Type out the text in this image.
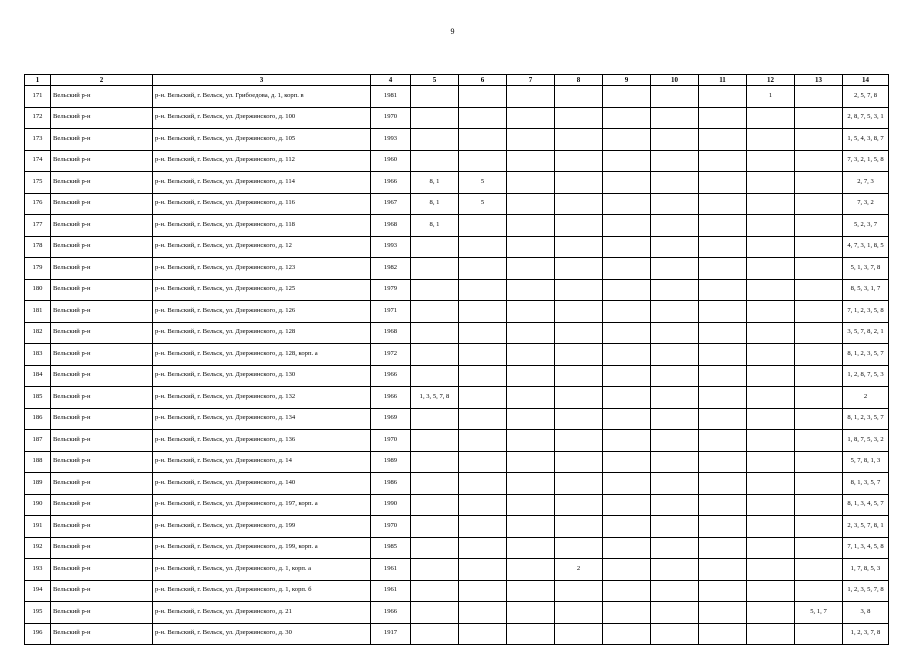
9
1	2	3	4	5	6	7	8	9	10	11	12	13	14
171	Вельский р-н	р-н. Вельский, г. Вельск, ул. Грибоедова, д. 1, корп. в	1981								1		2, 5, 7, 8
172	Вельский р-н	р-н. Вельский, г. Вельск, ул. Дзержинского, д. 100	1970										2, 8, 7, 5, 3, 1
173	Вельский р-н	р-н. Вельский, г. Вельск, ул. Дзержинского, д. 105	1993										1, 5, 4, 3, 8, 7
174	Вельский р-н	р-н. Вельский, г. Вельск, ул. Дзержинского, д. 112	1960										7, 3, 2, 1, 5, 8
175	Вельский р-н	р-н. Вельский, г. Вельск, ул. Дзержинского, д. 114	1966	8, 1	5								2, 7, 3
176	Вельский р-н	р-н. Вельский, г. Вельск, ул. Дзержинского, д. 116	1967	8, 1	5								7, 3, 2
177	Вельский р-н	р-н. Вельский, г. Вельск, ул. Дзержинского, д. 118	1968	8, 1									5, 2, 3, 7
178	Вельский р-н	р-н. Вельский, г. Вельск, ул. Дзержинского, д. 12	1993										4, 7, 3, 1, 8, 5
179	Вельский р-н	р-н. Вельский, г. Вельск, ул. Дзержинского, д. 123	1982										5, 1, 3, 7, 8
180	Вельский р-н	р-н. Вельский, г. Вельск, ул. Дзержинского, д. 125	1979										8, 5, 3, 1, 7
181	Вельский р-н	р-н. Вельский, г. Вельск, ул. Дзержинского, д. 126	1971										7, 1, 2, 3, 5, 8
182	Вельский р-н	р-н. Вельский, г. Вельск, ул. Дзержинского, д. 128	1968										3, 5, 7, 8, 2, 1
183	Вельский р-н	р-н. Вельский, г. Вельск, ул. Дзержинского, д. 128, корп. а	1972										8, 1, 2, 3, 5, 7
184	Вельский р-н	р-н. Вельский, г. Вельск, ул. Дзержинского, д. 130	1966										1, 2, 8, 7, 5, 3
185	Вельский р-н	р-н. Вельский, г. Вельск, ул. Дзержинского, д. 132	1966	1, 3, 5, 7, 8									2
186	Вельский р-н	р-н. Вельский, г. Вельск, ул. Дзержинского, д. 134	1969										8, 1, 2, 3, 5, 7
187	Вельский р-н	р-н. Вельский, г. Вельск, ул. Дзержинского, д. 136	1970										1, 8, 7, 5, 3, 2
188	Вельский р-н	р-н. Вельский, г. Вельск, ул. Дзержинского, д. 14	1989										5, 7, 8, 1, 3
189	Вельский р-н	р-н. Вельский, г. Вельск, ул. Дзержинского, д. 140	1986										8, 1, 3, 5, 7
190	Вельский р-н	р-н. Вельский, г. Вельск, ул. Дзержинского, д. 197, корп. а	1990										8, 1, 3, 4, 5, 7
191	Вельский р-н	р-н. Вельский, г. Вельск, ул. Дзержинского, д. 199	1970										2, 3, 5, 7, 8, 1
192	Вельский р-н	р-н. Вельский, г. Вельск, ул. Дзержинского, д. 199, корп. а	1985										7, 1, 3, 4, 5, 8
193	Вельский р-н	р-н. Вельский, г. Вельск, ул. Дзержинского, д. 1, корп. а	1961				2						1, 7, 8, 5, 3
194	Вельский р-н	р-н. Вельский, г. Вельск, ул. Дзержинского, д. 1, корп. б	1961										1, 2, 3, 5, 7, 8
195	Вельский р-н	р-н. Вельский, г. Вельск, ул. Дзержинского, д. 21	1966									5, 1, 7	3, 8
196	Вельский р-н	р-н. Вельский, г. Вельск, ул. Дзержинского, д. 30	1917										1, 2, 3, 7, 8
